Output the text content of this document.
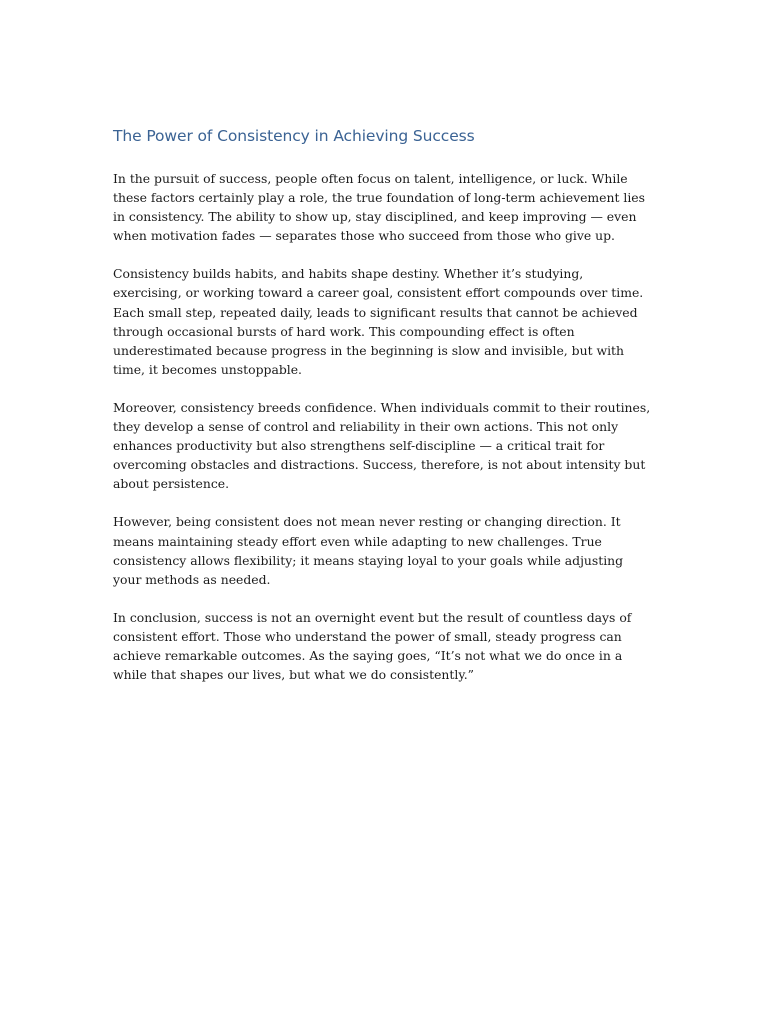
The Power of Consistency in Achieving Success

In the pursuit of success, people often focus on talent, intelligence, or luck. While these factors certainly play a role, the true foundation of long-term achievement lies in consistency. The ability to show up, stay disciplined, and keep improving — even when motivation fades — separates those who succeed from those who give up.

Consistency builds habits, and habits shape destiny. Whether it’s studying, exercising, or working toward a career goal, consistent effort compounds over time. Each small step, repeated daily, leads to significant results that cannot be achieved through occasional bursts of hard work. This compounding effect is often underestimated because progress in the beginning is slow and invisible, but with time, it becomes unstoppable.

Moreover, consistency breeds confidence. When individuals commit to their routines, they develop a sense of control and reliability in their own actions. This not only enhances productivity but also strengthens self-discipline — a critical trait for overcoming obstacles and distractions. Success, therefore, is not about intensity but about persistence.

However, being consistent does not mean never resting or changing direction. It means maintaining steady effort even while adapting to new challenges. True consistency allows flexibility; it means staying loyal to your goals while adjusting your methods as needed.

In conclusion, success is not an overnight event but the result of countless days of consistent effort. Those who understand the power of small, steady progress can achieve remarkable outcomes. As the saying goes, “It’s not what we do once in a while that shapes our lives, but what we do consistently.”
